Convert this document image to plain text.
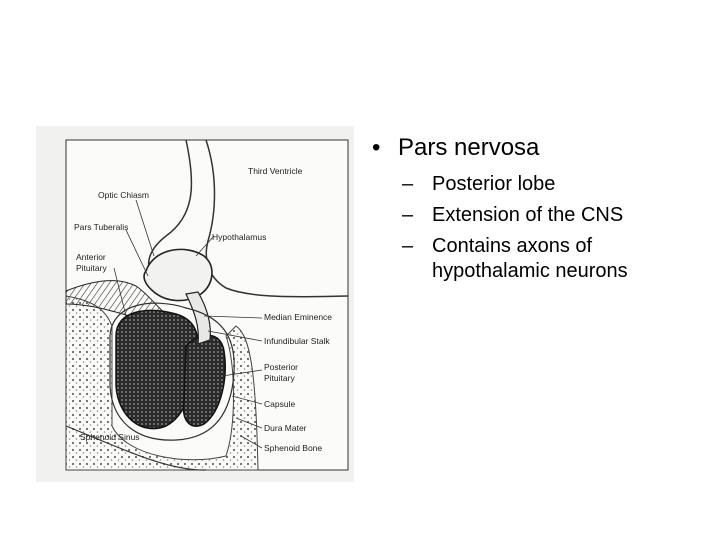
Third Ventricle
Optic Chiasm
Pars Tuberalis
Hypothalamus
Anterior
Pituitary
Median Eminence
Infundibular Stalk
Posterior
Pituitary
Capsule
Dura Mater
Sphenoid Sinus
Sphenoid Bone
• Pars nervosa
– Posterior lobe
– Extension of the CNS
– Contains axons of hypothalamic neurons
